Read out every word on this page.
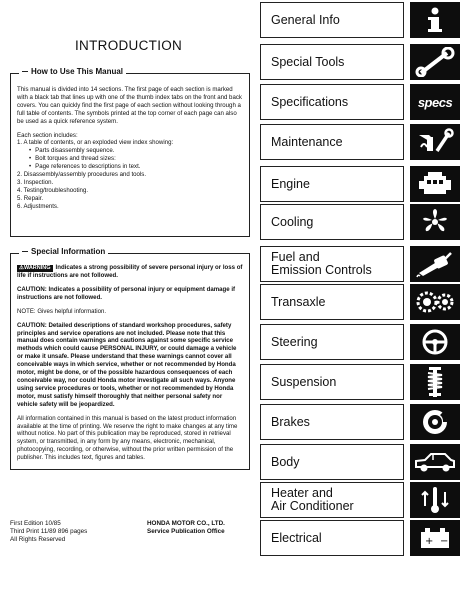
INTRODUCTION
How to Use This Manual

This manual is divided into 14 sections. The first page of each section is marked with a black tab that lines up with one of the thumb index tabs on the front and back covers. You can quickly find the first page of each section without looking through a full table of contents. The symbols printed at the top corner of each page can also be used as a quick reference system.

Each section includes:
1. A table of contents, or an exploded view index showing:
• Parts disassembly sequence.
• Bolt torques and thread sizes:
• Page references to descriptions in text.
2. Disassembly/assembly procedures and tools.
3. Inspection.
4. Testing/troubleshooting.
5. Repair.
6. Adjustments.
Special Information

⚠WARNING Indicates a strong possibility of severe personal injury or loss of life if instructions are not followed.

CAUTION: Indicates a possibility of personal injury or equipment damage if instructions are not followed.

NOTE: Gives helpful information.

CAUTION: Detailed descriptions of standard workshop procedures, safety principles and service operations are not included. Please note that this manual does contain warnings and cautions against some specific service methods which could cause PERSONAL INJURY, or could damage a vehicle or make it unsafe. Please understand that these warnings cannot cover all conceivable ways in which service, whether or not recommended by Honda motor, might be done, or of the possible hazardous consequences of each conceivable way, nor could Honda motor investigate all such ways. Anyone using service procedures or tools, whether or not recommended by Honda motor, must satisfy himself thoroughly that neither personal safety nor vehicle safety will be jeopardized.

All information contained in this manual is based on the latest product information available at the time of printing. We reserve the right to make changes at any time without notice. No part of this publication may be reproduced, stored in retrieval system, or transmitted, in any form by any means, electronic, mechanical, photocopying, recording, or otherwise, without the prior written permission of the publisher. This includes text, figures and tables.

First Edition 10/85
Third Print 11/89 896 pages
All Rights Reserved
HONDA MOTOR CO., LTD.
Service Publication Office
General Info
Special Tools
Specifications	specs
Maintenance
Engine
Cooling
Fuel and
Emission Controls
Transaxle
Steering
Suspension
Brakes
Body
Heater and
Air Conditioner
Electrical	+ −
